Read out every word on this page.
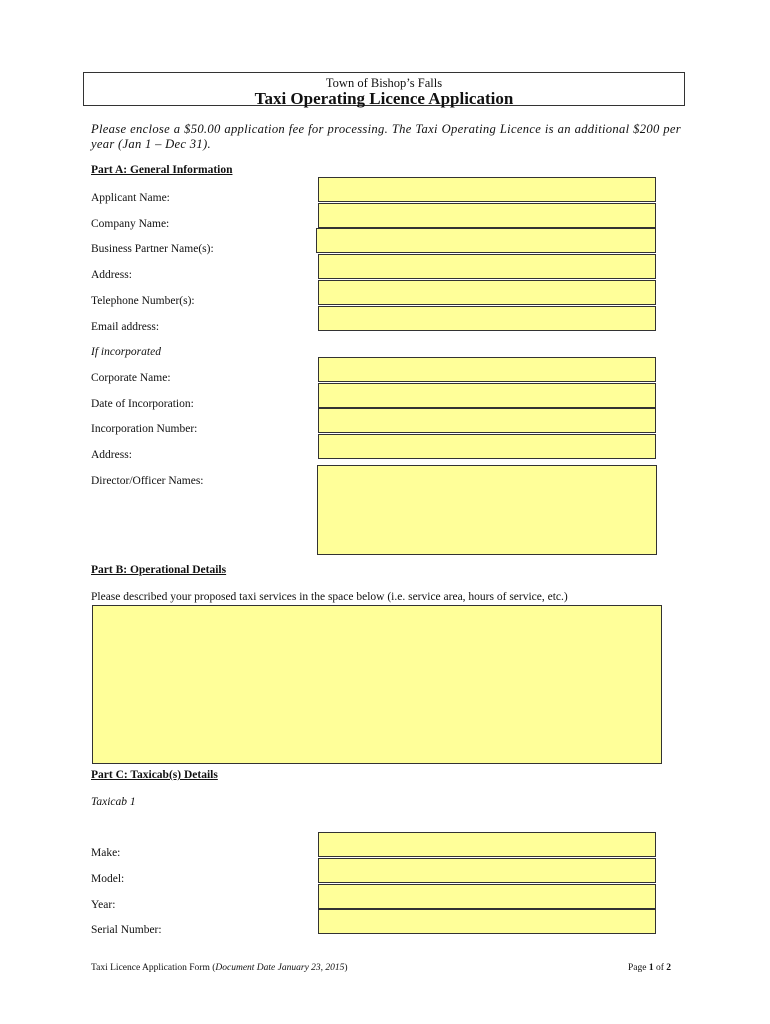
Town of Bishop’s Falls
Taxi Operating Licence Application
Please enclose a $50.00 application fee for processing. The Taxi Operating Licence is an additional $200 per year (Jan 1 – Dec 31).
Part A: General Information
Applicant Name:
Company Name:
Business Partner Name(s):
Address:
Telephone Number(s):
Email address:
If incorporated
Corporate Name:
Date of Incorporation:
Incorporation Number:
Address:
Director/Officer Names:
Part B: Operational Details
Please described your proposed taxi services in the space below (i.e. service area, hours of service, etc.)
Part C: Taxicab(s) Details
Taxicab 1
Make:
Model:
Year:
Serial Number:
Taxi Licence Application Form (Document Date January 23, 2015)	Page 1 of 2
